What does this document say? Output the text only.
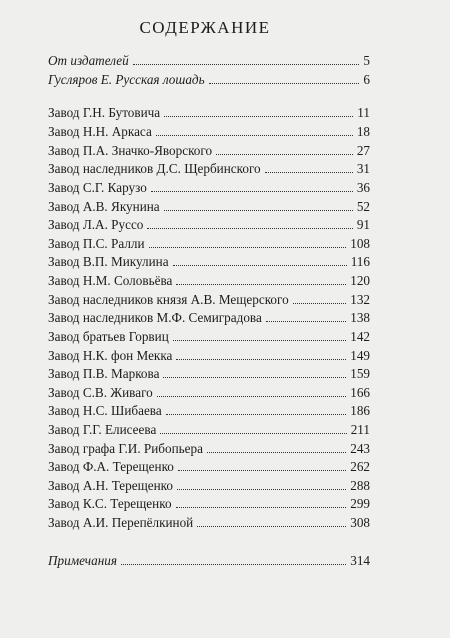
СОДЕРЖАНИЕ
От издателей	5
Гусляров Е. Русская лошадь	6
Завод Г.Н. Бутовича	11
Завод Н.Н. Аркаса	18
Завод П.А. Значко-Яворского	27
Завод наследников Д.С. Щербинского	31
Завод С.Г. Карузо	36
Завод А.В. Якунина	52
Завод Л.А. Руссо	91
Завод П.С. Ралли	108
Завод В.П. Микулина	116
Завод Н.М. Соловьёва	120
Завод наследников князя А.В. Мещерского	132
Завод наследников М.Ф. Семиградова	138
Завод братьев Горвиц	142
Завод Н.К. фон Мекка	149
Завод П.В. Маркова	159
Завод С.В. Живаго	166
Завод Н.С. Шибаева	186
Завод Г.Г. Елисеева	211
Завод графа Г.И. Рибопьера	243
Завод Ф.А. Терещенко	262
Завод А.Н. Терещенко	288
Завод К.С. Терещенко	299
Завод А.И. Перепёлкиной	308
Примечания	314
